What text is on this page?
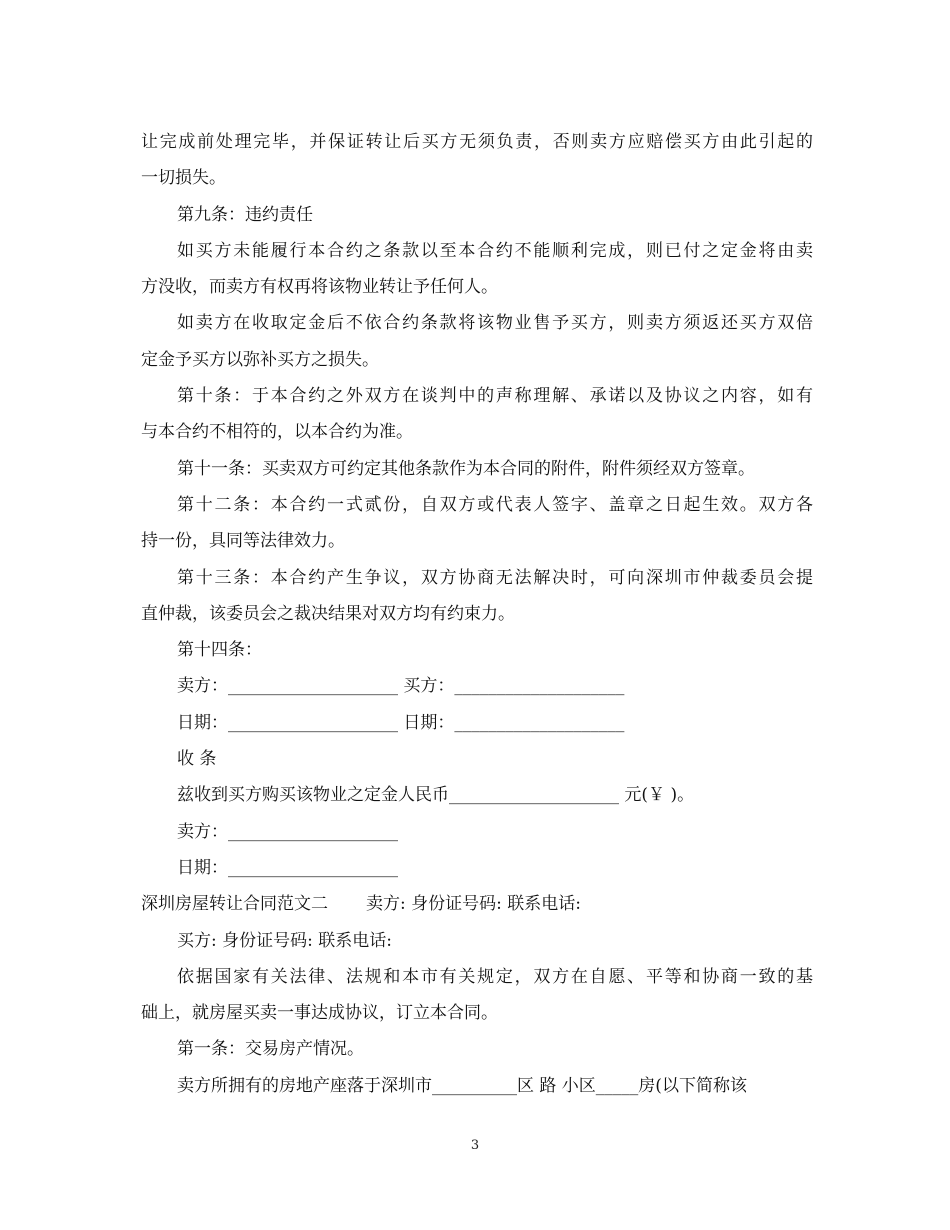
让完成前处理完毕，并保证转让后买方无须负责，否则卖方应赔偿买方由此引起的
一切损失。
第九条：违约责任
如买方未能履行本合约之条款以至本合约不能顺利完成，则已付之定金将由卖
方没收，而卖方有权再将该物业转让予任何人。
如卖方在收取定金后不依合约条款将该物业售予买方，则卖方须返还买方双倍
定金予买方以弥补买方之损失。
第十条：于本合约之外双方在谈判中的声称理解、承诺以及协议之内容，如有
与本合约不相符的，以本合约为准。
第十一条：买卖双方可约定其他条款作为本合同的附件，附件须经双方签章。
第十二条：本合约一式贰份，自双方或代表人签字、盖章之日起生效。双方各
持一份，具同等法律效力。
第十三条：本合约产生争议，双方协商无法解决时，可向深圳市仲裁委员会提
直仲裁，该委员会之裁决结果对双方均有约束力。
第十四条：
卖方：____________________ 买方：____________________
日期：____________________ 日期：____________________
收 条
兹收到买方购买该物业之定金人民币____________________ 元(￥ )。
卖方：____________________
日期：____________________
深圳房屋转让合同范文二 卖方: 身份证号码: 联系电话:
买方: 身份证号码: 联系电话:
依据国家有关法律、法规和本市有关规定，双方在自愿、平等和协商一致的基
础上，就房屋买卖一事达成协议，订立本合同。
第一条：交易房产情况。
卖方所拥有的房地产座落于深圳市__________区 路 小区_____房(以下简称该
3
